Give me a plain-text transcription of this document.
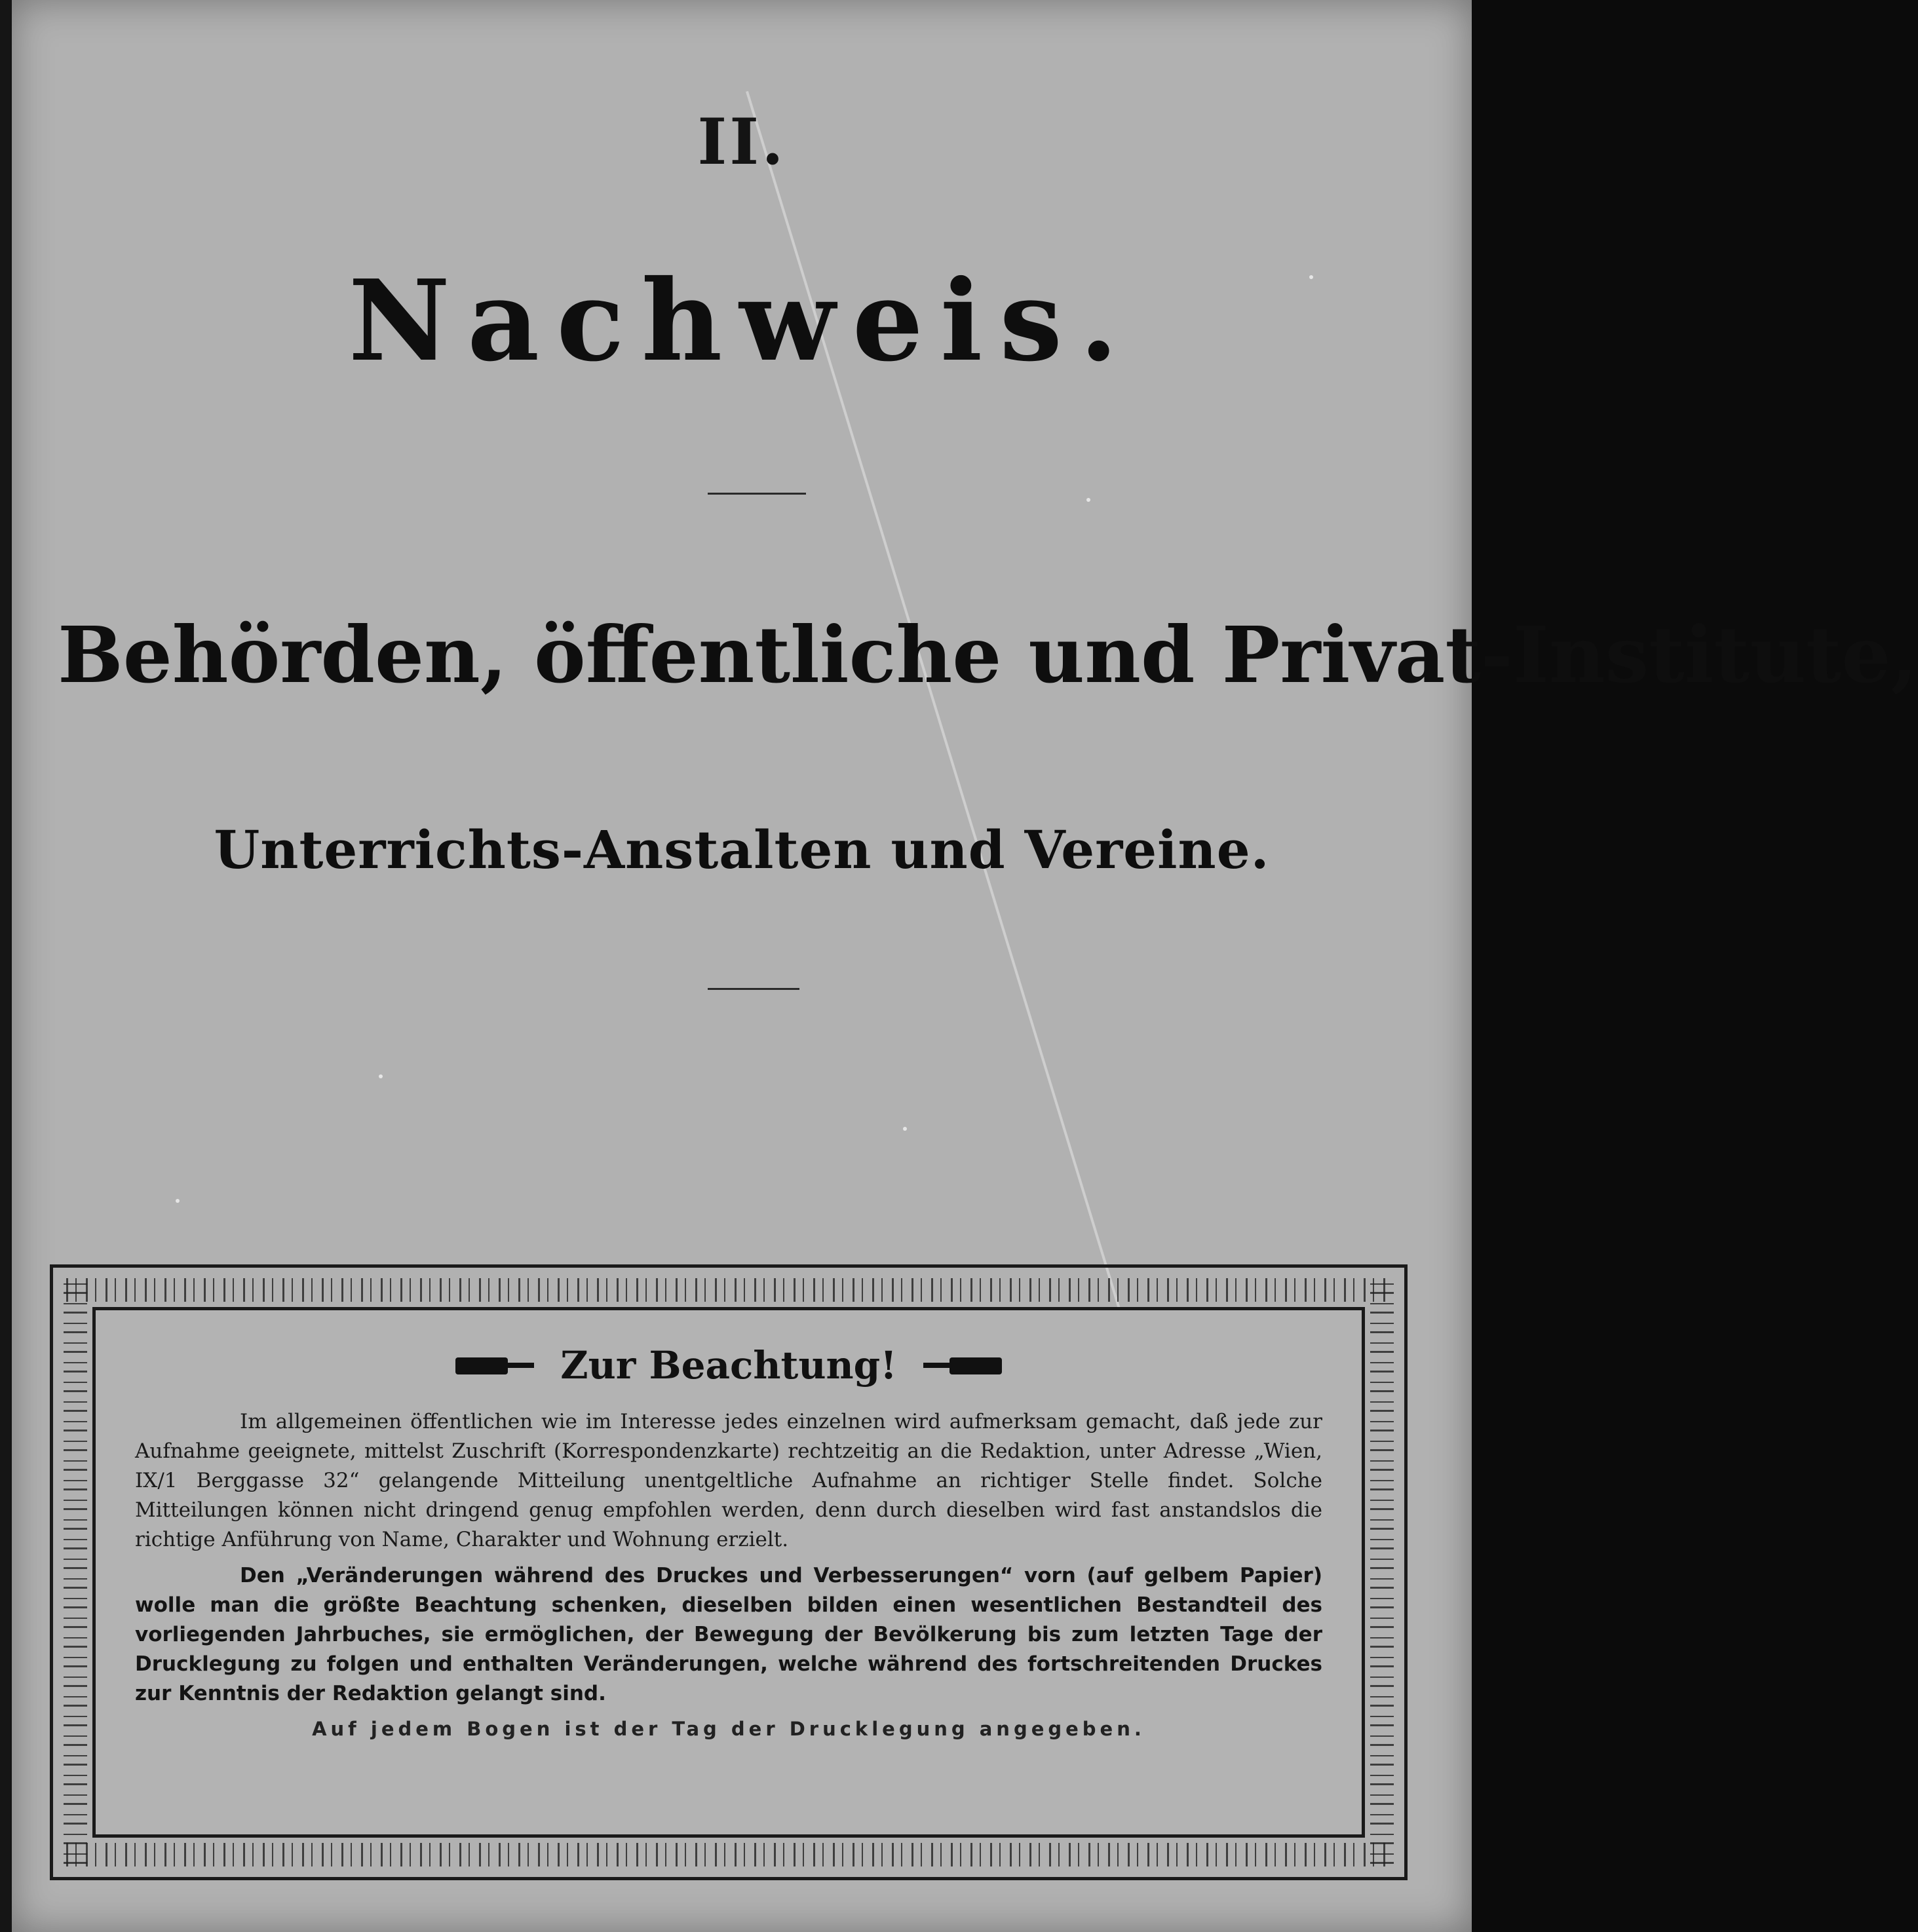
II.
Nachweis.
Behörden, öffentliche und Privat-Institute,
Unterrichts-Anstalten und Vereine.
Zur Beachtung!

Im allgemeinen öffentlichen wie im Interesse jedes einzelnen wird aufmerksam gemacht, daß jede zur Aufnahme geeignete, mittelst Zuschrift (Korrespondenzkarte) rechtzeitig an die Redaktion, unter Adresse „Wien, IX/1 Berggasse 32“ gelangende Mitteilung unentgeltliche Aufnahme an richtiger Stelle findet. Solche Mitteilungen können nicht dringend genug empfohlen werden, denn durch dieselben wird fast anstandslos die richtige Anführung von Name, Charakter und Wohnung erzielt.

Den „Veränderungen während des Druckes und Verbesserungen“ vorn (auf gelbem Papier) wolle man die größte Beachtung schenken, dieselben bilden einen wesentlichen Bestandteil des vorliegenden Jahrbuches, sie ermöglichen, der Bewegung der Bevölkerung bis zum letzten Tage der Drucklegung zu folgen und enthalten Veränderungen, welche während des fortschreitenden Druckes zur Kenntnis der Redaktion gelangt sind.

Auf jedem Bogen ist der Tag der Drucklegung angegeben.
